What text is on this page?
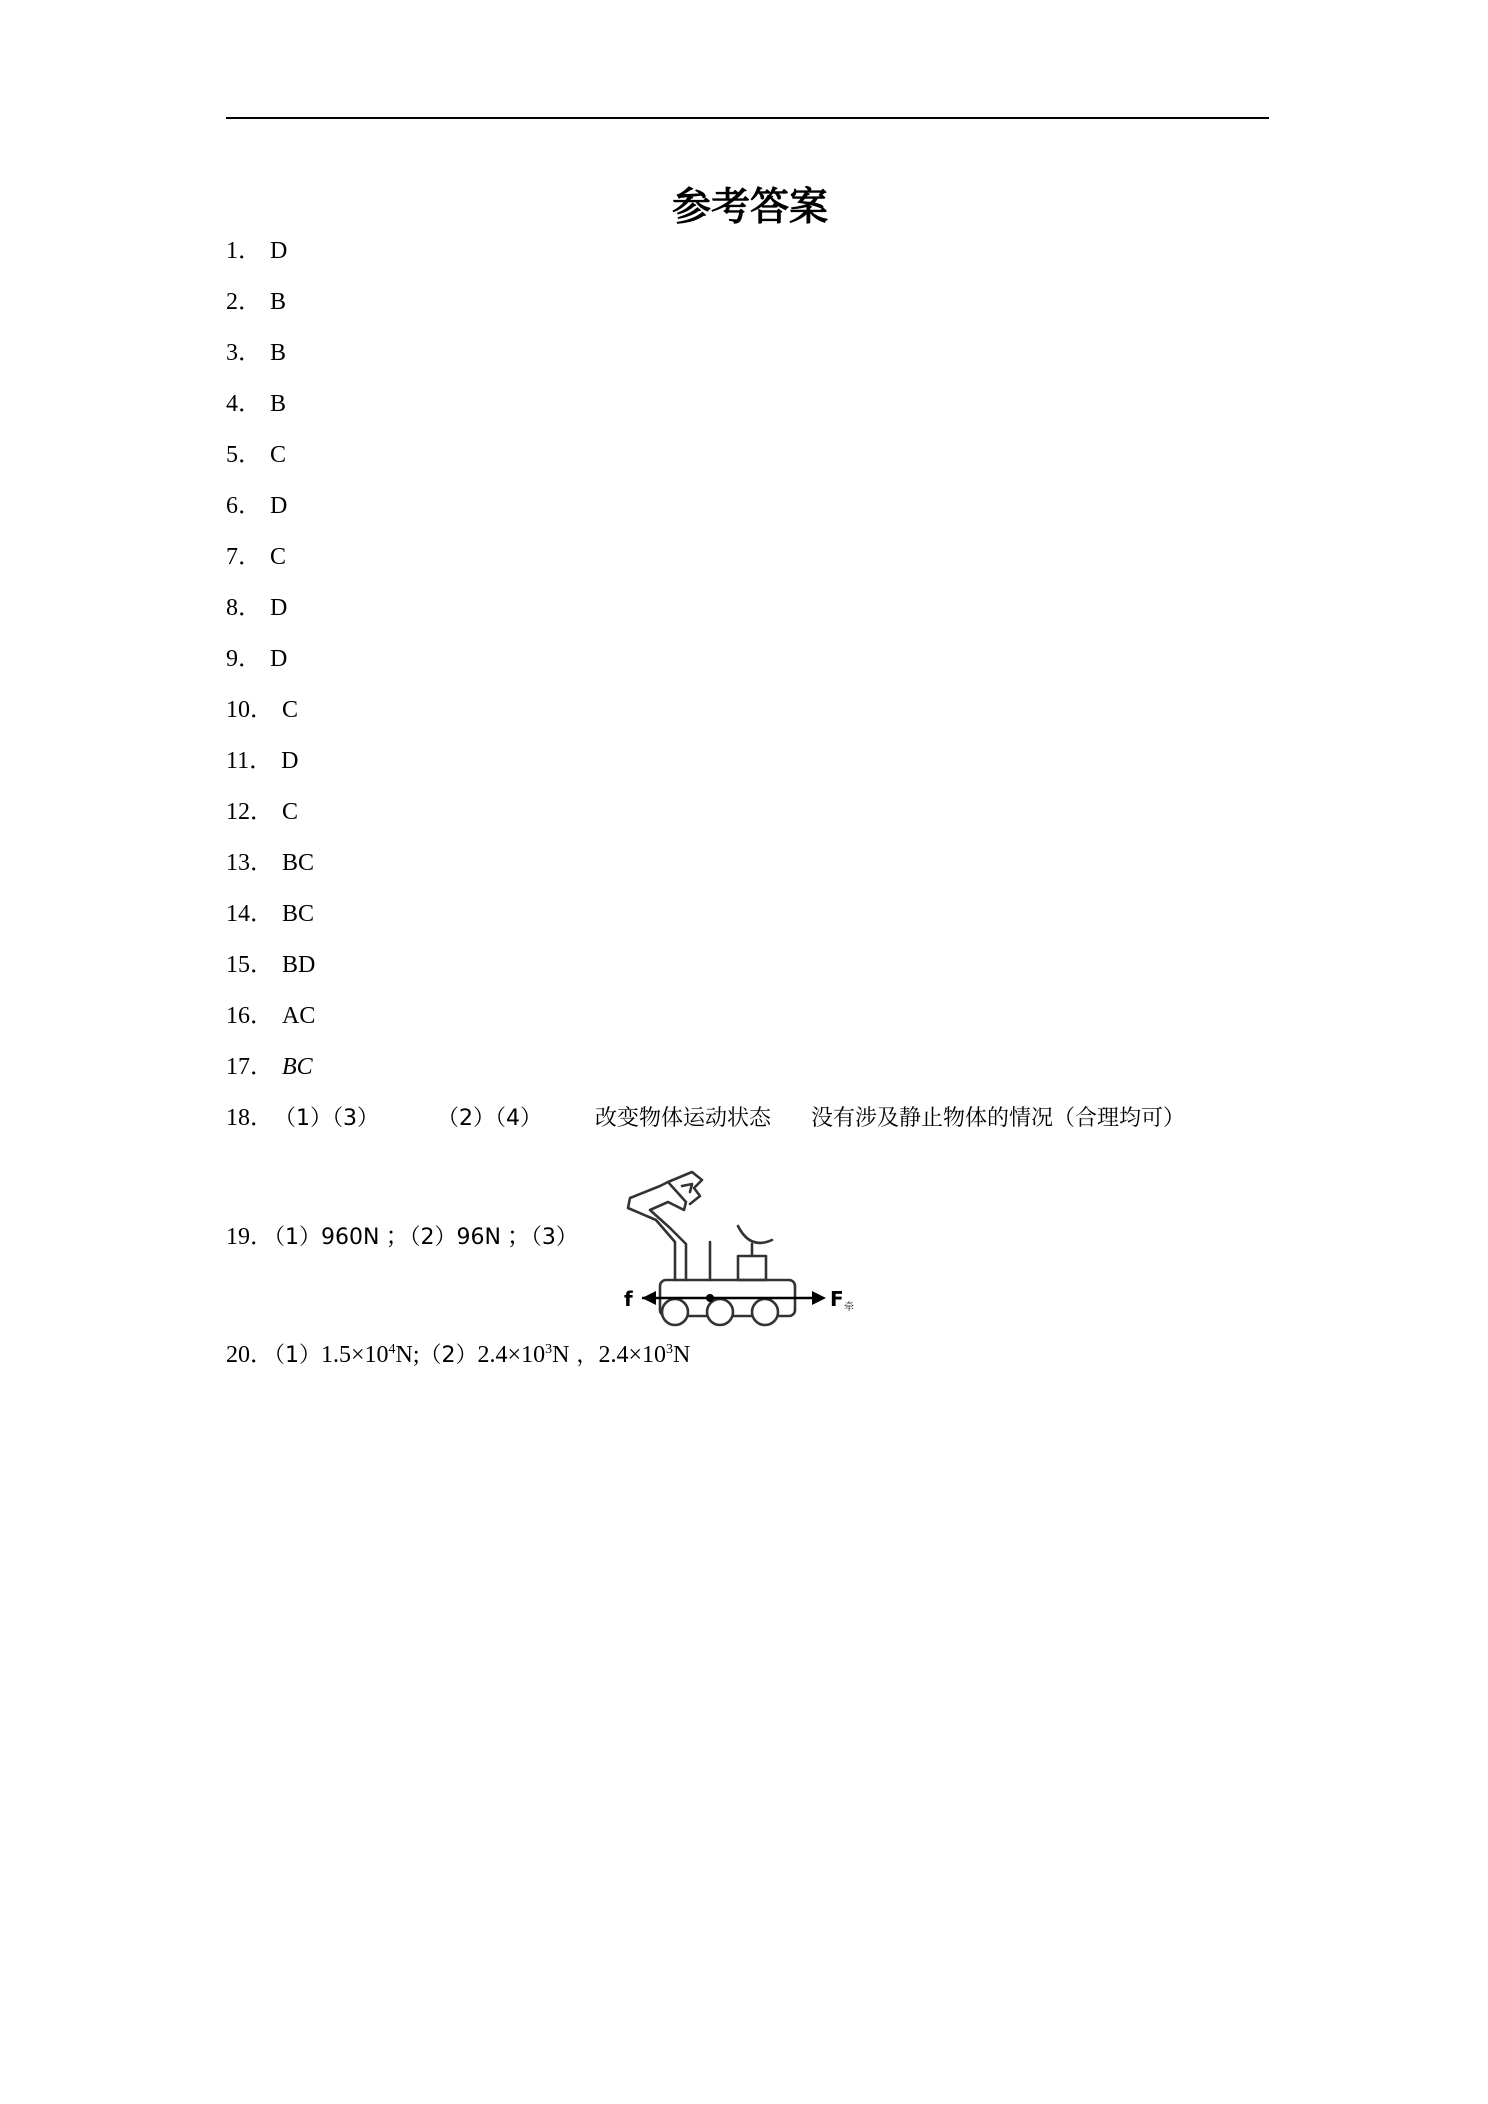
参考答案
1． D
2． B
3． B
4． B
5． C
6． D
7． C
8． D
9． D
10． C
11． D
12． C
13． BC
14． BC
15． BD
16． AC
17． BC
18．（1）（3）	（2）（4） 改变物体运动状态 没有涉及静止物体的情况（合理均可）
19．（1）960N ；（2）96N ；（3）
f	F 牵
20．$(1)1.5\times 10^4N;(2)2.4\times 10^3N$ ，$2.4\times 10^3N$
